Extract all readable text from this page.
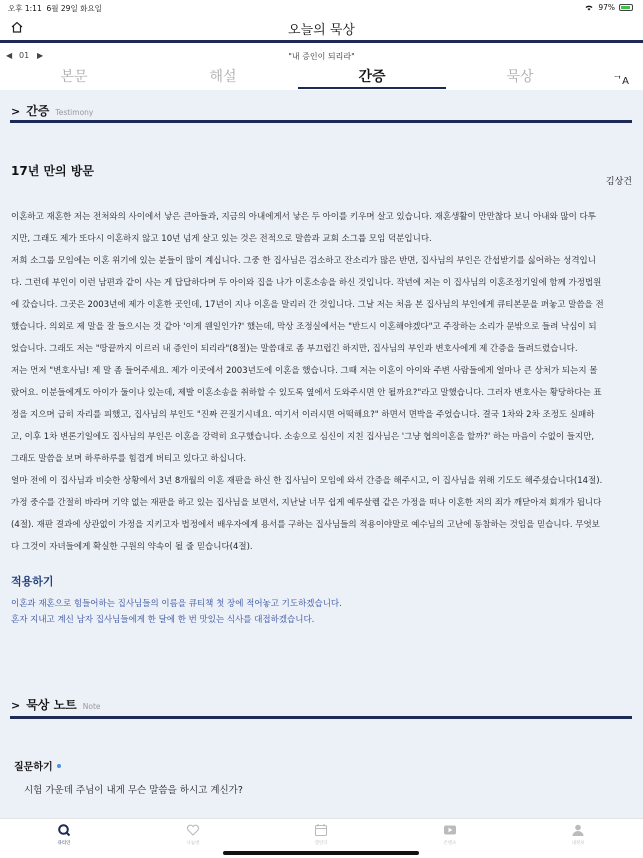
오후 1:11 6월 29일 화요일	97%
오늘의 묵상
◀ 01 ▶	"내 증인이 되리라"
본문	해설	간증	묵상	ᄀA
> 간증 Testimony
17년 만의 방문
김상건

이혼하고 재혼한 저는 전처와의 사이에서 낳은 큰아들과, 지금의 아내에게서 낳은 두 아이를 키우며 살고 있습니다. 재혼생활이 만만찮다 보니 아내와 많이 다투

지만, 그래도 제가 또다시 이혼하지 않고 10년 넘게 살고 있는 것은 전적으로 말씀과 교회 소그룹 모임 덕분입니다.

저희 소그룹 모임에는 이혼 위기에 있는 분들이 많이 계십니다. 그중 한 집사님은 검소하고 잔소리가 많은 반면, 집사님의 부인은 간섭받기를 싫어하는 성격입니

다. 그런데 부인이 이런 남편과 같이 사는 게 답답하다며 두 아이와 집을 나가 이혼소송을 하신 것입니다. 작년에 저는 이 집사님의 이혼조정기일에 함께 가정법원

에 갔습니다. 그곳은 2003년에 제가 이혼한 곳인데, 17년이 지나 이혼을 말리러 간 것입니다. 그날 저는 처음 본 집사님의 부인에게 큐티본문을 펴놓고 말씀을 전

했습니다. 의외로 제 말을 잘 들으시는 것 같아 '이게 웬일인가?' 했는데, 막상 조정실에서는 "반드시 이혼해야겠다"고 주장하는 소리가 문밖으로 들려 낙심이 되

었습니다. 그래도 저는 "땅끝까지 이르러 내 증인이 되리라"(8절)는 말씀대로 좀 부끄럽긴 하지만, 집사님의 부인과 변호사에게 제 간증을 들려드렸습니다.

저는 먼저 "변호사님! 제 말 좀 들어주세요. 제가 이곳에서 2003년도에 이혼을 했습니다. 그때 저는 이혼이 아이와 주변 사람들에게 얼마나 큰 상처가 되는지 몰

랐어요. 이분들에게도 아이가 둘이나 있는데, 제발 이혼소송을 취하할 수 있도록 옆에서 도와주시면 안 될까요?"라고 말했습니다. 그러자 변호사는 황당하다는 표

정을 지으며 급히 자리를 피했고, 집사님의 부인도 "진짜 끈질기시네요. 여기서 이러시면 어떡해요?" 하면서 면박을 주었습니다. 결국 1차와 2차 조정도 실패하

고, 이후 1차 변론기일에도 집사님의 부인은 이혼을 강력히 요구했습니다. 소송으로 심신이 지친 집사님은 '그냥 협의이혼을 할까?' 하는 마음이 수없이 들지만,

그래도 말씀을 보며 하루하루를 힘겹게 버티고 있다고 하십니다.

얼마 전에 이 집사님과 비슷한 상황에서 3년 8개월의 이혼 재판을 하신 한 집사님이 모임에 와서 간증을 해주시고, 이 집사님을 위해 기도도 해주셨습니다(14절).

가정 중수를 간절히 바라며 기약 없는 재판을 하고 있는 집사님을 보면서, 지난날 너무 쉽게 예루살렘 같은 가정을 떠나 이혼한 저의 죄가 깨닫아져 회개가 됩니다

(4절). 재판 결과에 상관없이 가정을 지키고자 법정에서 배우자에게 용서를 구하는 집사님들의 적용이야말로 예수님의 고난에 동참하는 것임을 믿습니다. 무엇보

다 그것이 자녀들에게 확실한 구원의 약속이 될 줄 믿습니다(4절).

적용하기

이혼과 재혼으로 힘들어하는 집사님들의 이름을 큐티책 첫 장에 적어놓고 기도하겠습니다.

혼자 지내고 계신 남자 집사님들에게 한 달에 한 번 맛있는 식사를 대접하겠습니다.

> 묵상 노트 Note
질문하기
시험 가운데 주님이 내게 무슨 말씀을 하시고 계신가?
큐티인	나눔방	캘린더	콘텐츠	내정보
